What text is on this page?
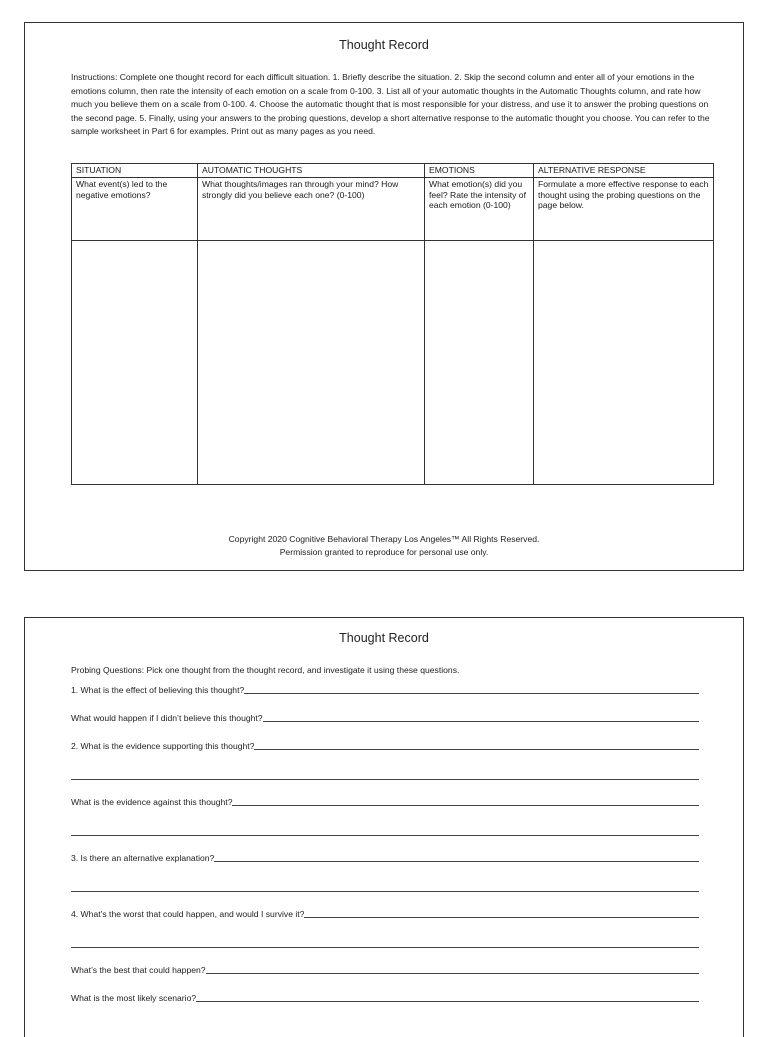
Thought Record
Instructions: Complete one thought record for each difficult situation. 1. Briefly describe the situation. 2. Skip the second column and enter all of your emotions in the emotions column, then rate the intensity of each emotion on a scale from 0-100. 3. List all of your automatic thoughts in the Automatic Thoughts column, and rate how much you believe them on a scale from 0-100. 4. Choose the automatic thought that is most responsible for your distress, and use it to answer the probing questions on the second page. 5. Finally, using your answers to the probing questions, develop a short alternative response to the automatic thought you choose. You can refer to the sample worksheet in Part 6 for examples. Print out as many pages as you need.
SITUATION	AUTOMATIC THOUGHTS	EMOTIONS	ALTERNATIVE RESPONSE
What event(s) led to the negative emotions?	What thoughts/images ran through your mind? How strongly did you believe each one? (0-100)	What emotion(s) did you feel? Rate the intensity of each emotion (0-100)	Formulate a more effective response to each thought using the probing questions on the page below.

Copyright 2020 Cognitive Behavioral Therapy Los Angeles™ All Rights Reserved.
Permission granted to reproduce for personal use only.
Thought Record
Probing Questions: Pick one thought from the thought record, and investigate it using these questions.
1. What is the effect of believing this thought?
What would happen if I didn’t believe this thought?
2. What is the evidence supporting this thought?
What is the evidence against this thought?
3. Is there an alternative explanation?
4. What’s the worst that could happen, and would I survive it?
What’s the best that could happen?
What is the most likely scenario?
